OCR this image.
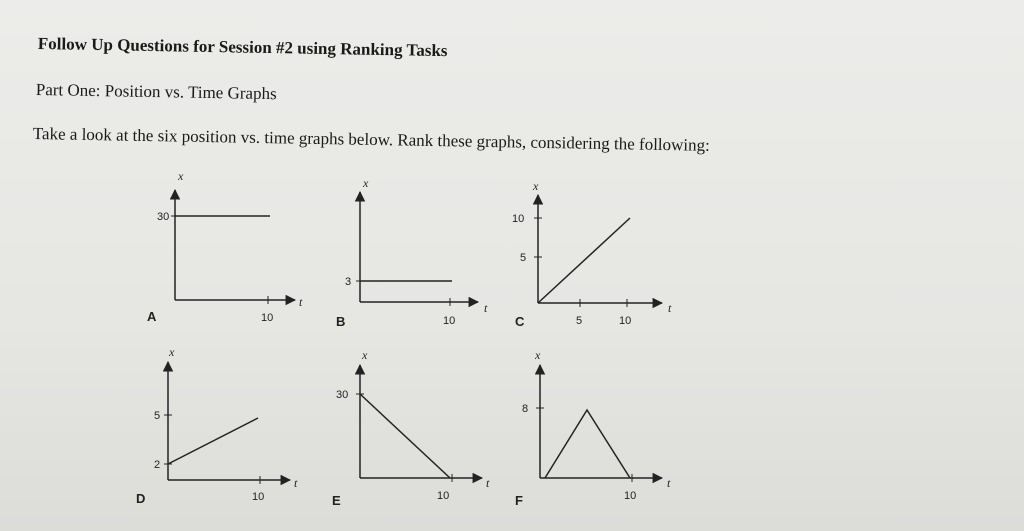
Follow Up Questions for Session #2 using Ranking Tasks
Part One: Position vs. Time Graphs
Take a look at the six position vs. time graphs below. Rank these graphs, considering the following:
30
10
x
t
A
3
10
x
t
B
10
5
5	10
x
t
C
5
2
10
x
t
D
30
10
x
t
E
8
10
x
t
F
